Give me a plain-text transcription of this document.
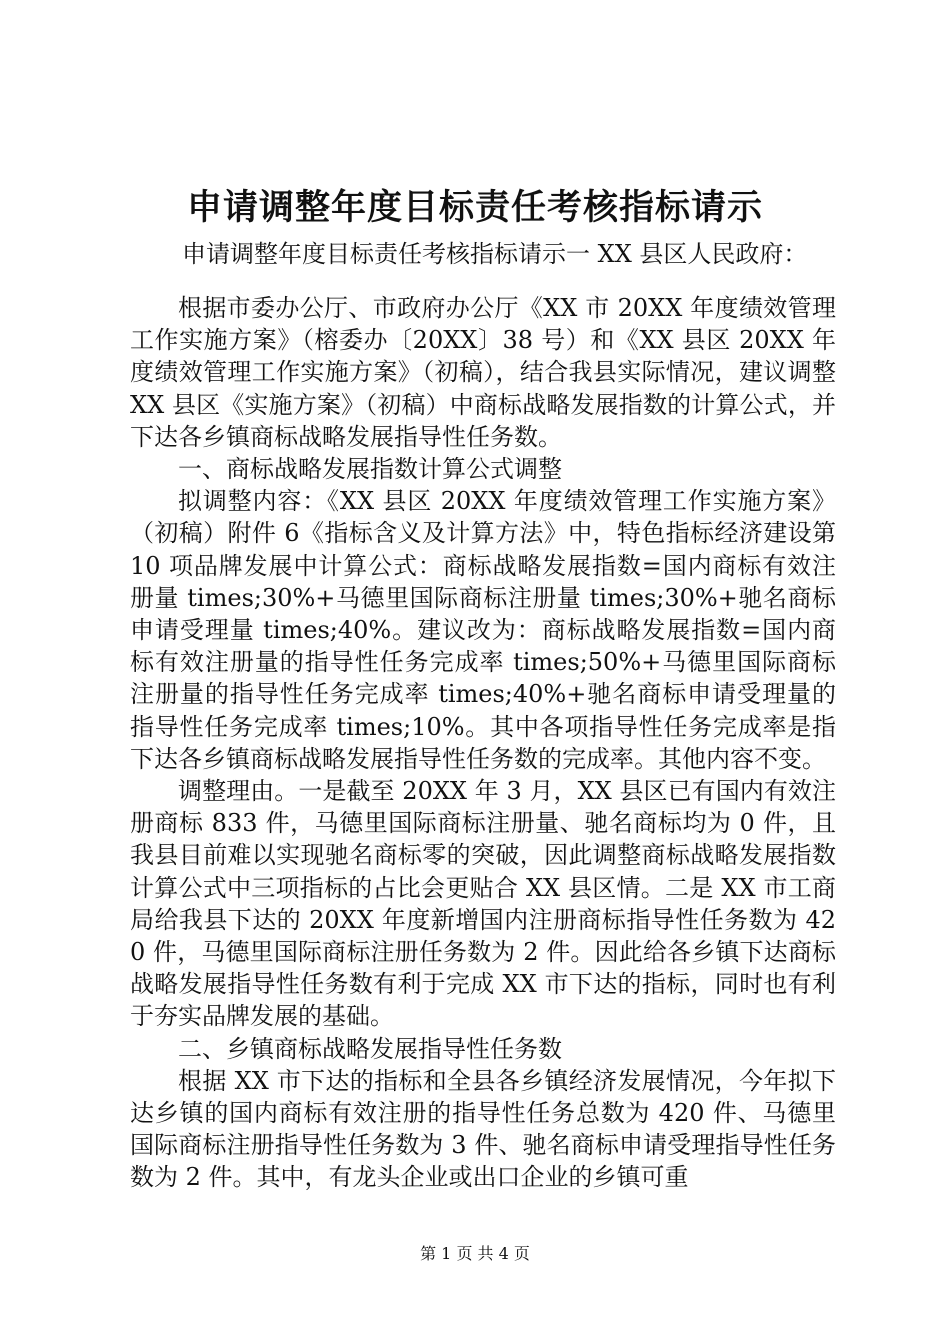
申请调整年度目标责任考核指标请示
申请调整年度目标责任考核指标请示一 XX 县区人民政府：

根据市委办公厅、市政府办公厅《XX 市 20XX 年度绩效管理工作实施方案》（榕委办〔20XX〕38 号）和《XX 县区 20XX 年度绩效管理工作实施方案》（初稿），结合我县实际情况，建议调整 XX 县区《实施方案》（初稿）中商标战略发展指数的计算公式，并下达各乡镇商标战略发展指导性任务数。

一、商标战略发展指数计算公式调整

拟调整内容：《XX 县区 20XX 年度绩效管理工作实施方案》（初稿）附件 6《指标含义及计算方法》中，特色指标经济建设第 10 项品牌发展中计算公式：商标战略发展指数=国内商标有效注册量 times;30%+马德里国际商标注册量 times;30%+驰名商标申请受理量 times;40%。建议改为：商标战略发展指数=国内商标有效注册量的指导性任务完成率 times;50%+马德里国际商标注册量的指导性任务完成率 times;40%+驰名商标申请受理量的指导性任务完成率 times;10%。其中各项指导性任务完成率是指下达各乡镇商标战略发展指导性任务数的完成率。其他内容不变。

调整理由。一是截至 20XX 年 3 月，XX 县区已有国内有效注册商标 833 件，马德里国际商标注册量、驰名商标均为 0 件，且我县目前难以实现驰名商标零的突破，因此调整商标战略发展指数计算公式中三项指标的占比会更贴合 XX 县区情。二是 XX 市工商局给我县下达的 20XX 年度新增国内注册商标指导性任务数为 420 件，马德里国际商标注册任务数为 2 件。因此给各乡镇下达商标战略发展指导性任务数有利于完成 XX 市下达的指标，同时也有利于夯实品牌发展的基础。

二、乡镇商标战略发展指导性任务数

根据 XX 市下达的指标和全县各乡镇经济发展情况，今年拟下达乡镇的国内商标有效注册的指导性任务总数为 420 件、马德里国际商标注册指导性任务数为 3 件、驰名商标申请受理指导性任务数为 2 件。其中，有龙头企业或出口企业的乡镇可重

第 1 页 共 4 页
